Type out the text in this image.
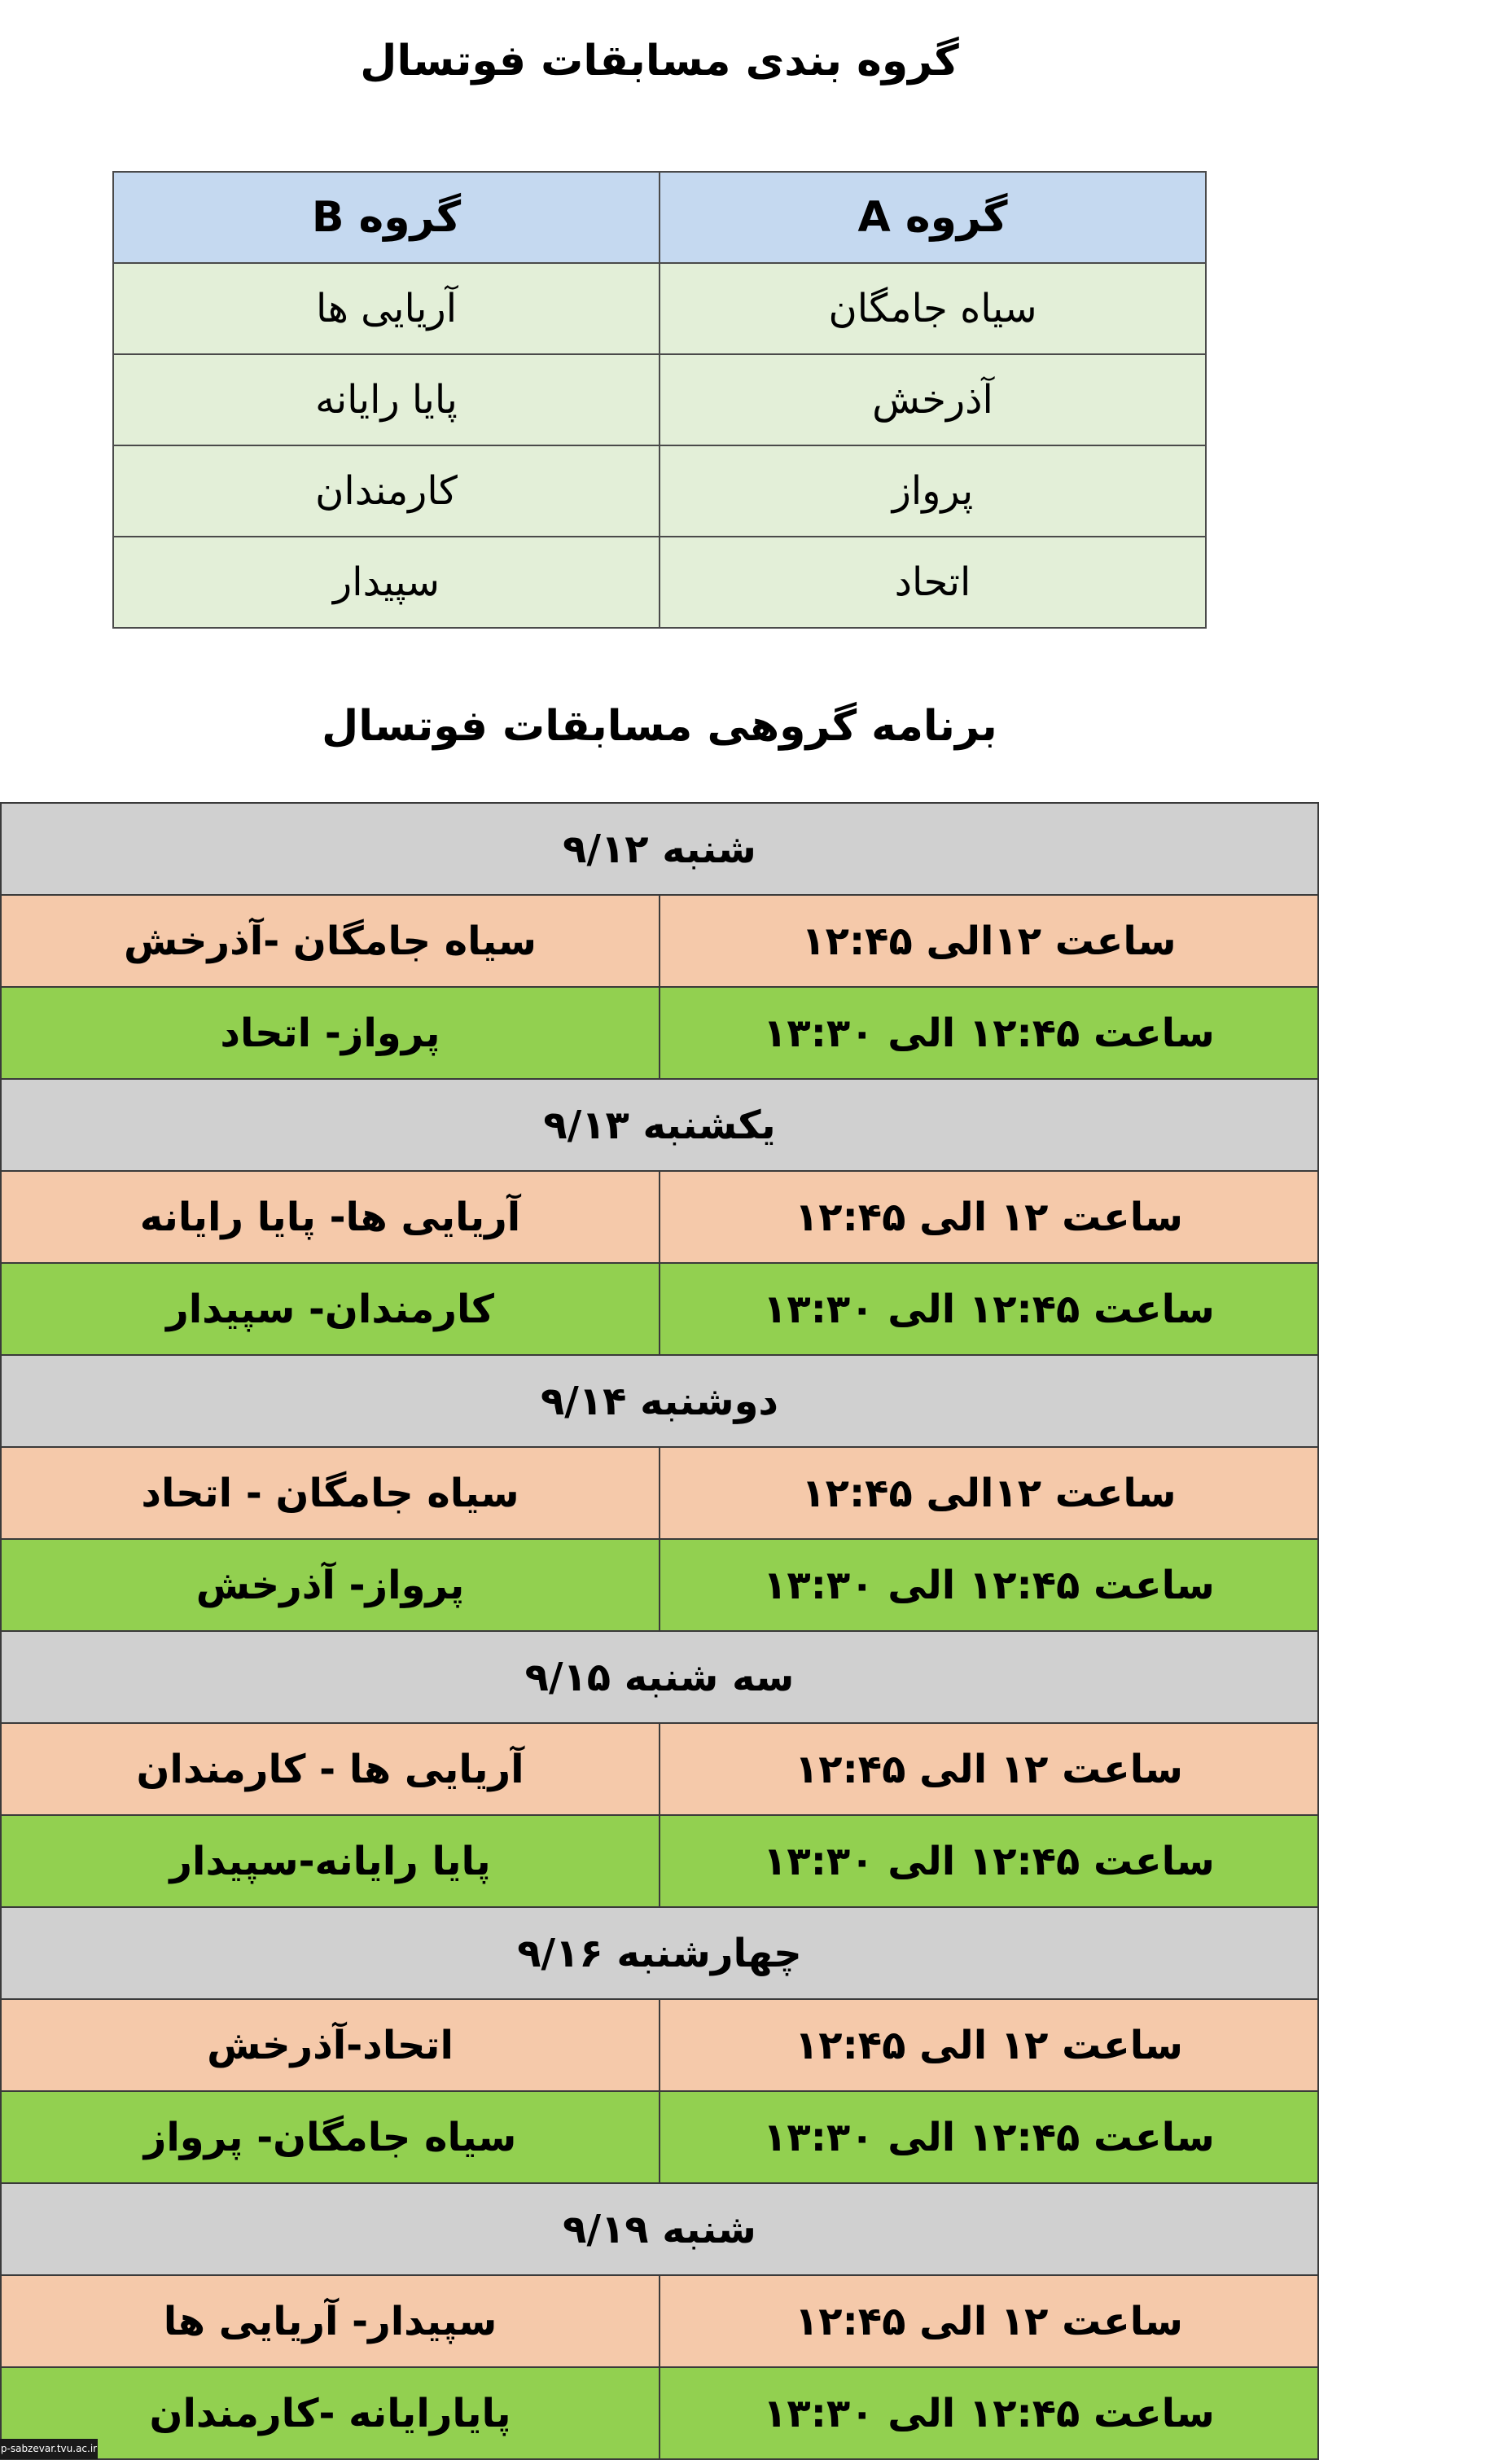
گروه بندی مسابقات فوتسال
گروه A	گروه B
سیاه جامگان	آریایی ها
آذرخش	پایا رایانه
پرواز	کارمندان
اتحاد	سپیدار
برنامه گروهی مسابقات فوتسال
شنبه ۹/۱۲	
ساعت ۱۲الی ۱۲:۴۵	سیاه جامگان -آذرخش
ساعت ۱۲:۴۵ الی ۱۳:۳۰	پرواز- اتحاد
یکشنبه ۹/۱۳	
ساعت ۱۲ الی ۱۲:۴۵	آریایی ها- پایا رایانه
ساعت ۱۲:۴۵ الی ۱۳:۳۰	کارمندان- سپیدار
دوشنبه ۹/۱۴	
ساعت ۱۲الی ۱۲:۴۵	سیاه جامگان - اتحاد
ساعت ۱۲:۴۵ الی ۱۳:۳۰	پرواز- آذرخش
سه شنبه ۹/۱۵	
ساعت ۱۲ الی ۱۲:۴۵	آریایی ها - کارمندان
ساعت ۱۲:۴۵ الی ۱۳:۳۰	پایا رایانه-سپیدار
چهارشنبه ۹/۱۶	
ساعت ۱۲ الی ۱۲:۴۵	اتحاد-آذرخش
ساعت ۱۲:۴۵ الی ۱۳:۳۰	سیاه جامگان- پرواز
شنبه ۹/۱۹	
ساعت ۱۲ الی ۱۲:۴۵	سپیدار- آریایی ها
ساعت ۱۲:۴۵ الی ۱۳:۳۰	پایارایانه -کارمندان
p-sabzevar.tvu.ac.ir
